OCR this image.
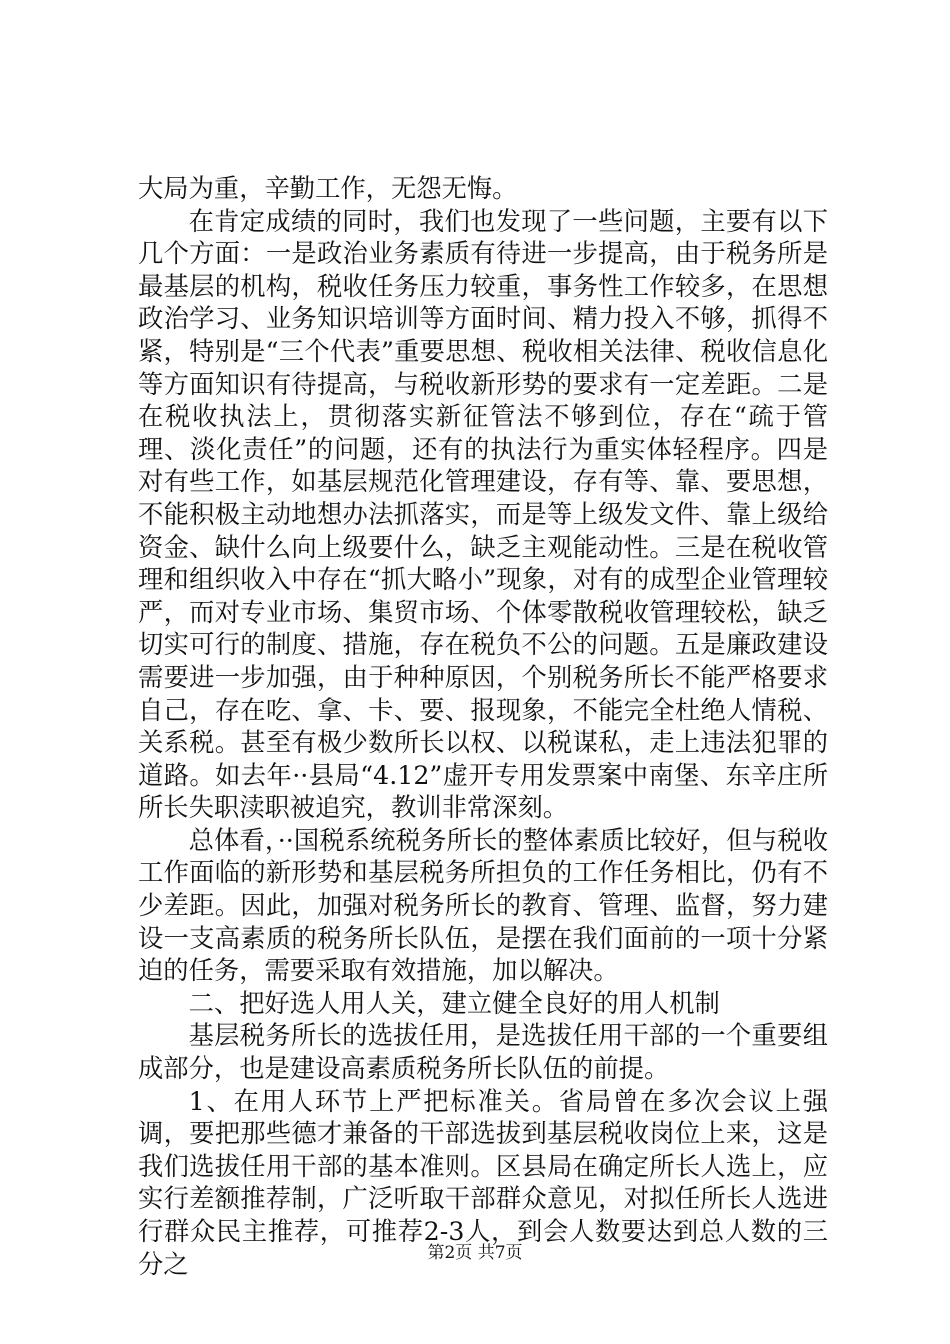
大局为重，辛勤工作，无怨无悔。

在肯定成绩的同时，我们也发现了一些问题，主要有以下几个方面：一是政治业务素质有待进一步提高，由于税务所是最基层的机构，税收任务压力较重，事务性工作较多，在思想政治学习、业务知识培训等方面时间、精力投入不够，抓得不紧，特别是“三个代表”重要思想、税收相关法律、税收信息化等方面知识有待提高，与税收新形势的要求有一定差距。二是在税收执法上，贯彻落实新征管法不够到位，存在“疏于管理、淡化责任”的问题，还有的执法行为重实体轻程序。四是对有些工作，如基层规范化管理建设，存有等、靠、要思想，不能积极主动地想办法抓落实，而是等上级发文件、靠上级给资金、缺什么向上级要什么，缺乏主观能动性。三是在税收管理和组织收入中存在“抓大略小”现象，对有的成型企业管理较严，而对专业市场、集贸市场、个体零散税收管理较松，缺乏切实可行的制度、措施，存在税负不公的问题。五是廉政建设需要进一步加强，由于种种原因，个别税务所长不能严格要求自己，存在吃、拿、卡、要、报现象，不能完全杜绝人情税、关系税。甚至有极少数所长以权、以税谋私，走上违法犯罪的道路。如去年··县局“4.12”虚开专用发票案中南堡、东辛庄所所长失职渎职被追究，教训非常深刻。

总体看，··国税系统税务所长的整体素质比较好，但与税收工作面临的新形势和基层税务所担负的工作任务相比，仍有不少差距。因此，加强对税务所长的教育、管理、监督，努力建设一支高素质的税务所长队伍，是摆在我们面前的一项十分紧迫的任务，需要采取有效措施，加以解决。

二、把好选人用人关，建立健全良好的用人机制

基层税务所长的选拔任用，是选拔任用干部的一个重要组成部分，也是建设高素质税务所长队伍的前提。

1、在用人环节上严把标准关。省局曾在多次会议上强调，要把那些德才兼备的干部选拔到基层税收岗位上来，这是我们选拔任用干部的基本准则。区县局在确定所长人选上，应实行差额推荐制，广泛听取干部群众意见，对拟任所长人选进行群众民主推荐，可推荐2-3人，到会人数要达到总人数的三分之	第2页 共7页
